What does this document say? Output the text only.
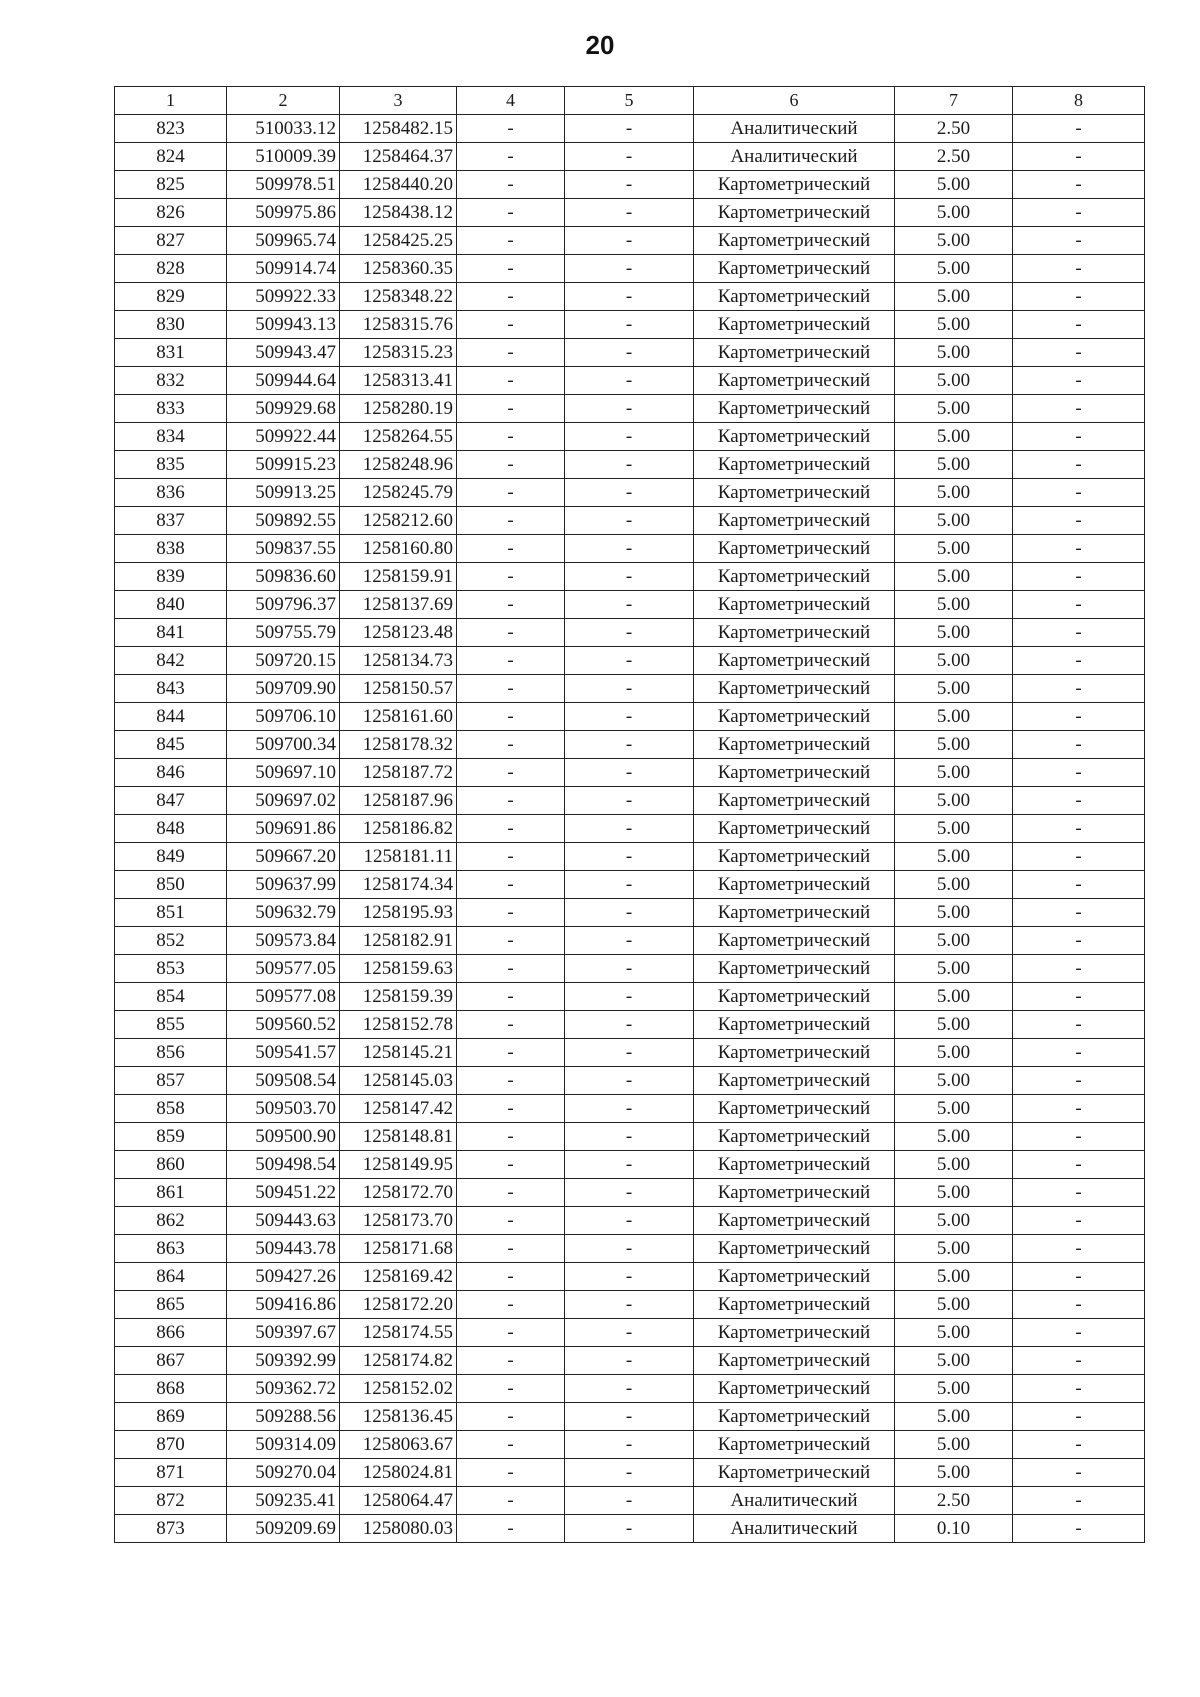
20
1	2	3	4	5	6	7	8
823	510033.12	1258482.15	-	-	Аналитический	2.50	-
824	510009.39	1258464.37	-	-	Аналитический	2.50	-
825	509978.51	1258440.20	-	-	Картометрический	5.00	-
826	509975.86	1258438.12	-	-	Картометрический	5.00	-
827	509965.74	1258425.25	-	-	Картометрический	5.00	-
828	509914.74	1258360.35	-	-	Картометрический	5.00	-
829	509922.33	1258348.22	-	-	Картометрический	5.00	-
830	509943.13	1258315.76	-	-	Картометрический	5.00	-
831	509943.47	1258315.23	-	-	Картометрический	5.00	-
832	509944.64	1258313.41	-	-	Картометрический	5.00	-
833	509929.68	1258280.19	-	-	Картометрический	5.00	-
834	509922.44	1258264.55	-	-	Картометрический	5.00	-
835	509915.23	1258248.96	-	-	Картометрический	5.00	-
836	509913.25	1258245.79	-	-	Картометрический	5.00	-
837	509892.55	1258212.60	-	-	Картометрический	5.00	-
838	509837.55	1258160.80	-	-	Картометрический	5.00	-
839	509836.60	1258159.91	-	-	Картометрический	5.00	-
840	509796.37	1258137.69	-	-	Картометрический	5.00	-
841	509755.79	1258123.48	-	-	Картометрический	5.00	-
842	509720.15	1258134.73	-	-	Картометрический	5.00	-
843	509709.90	1258150.57	-	-	Картометрический	5.00	-
844	509706.10	1258161.60	-	-	Картометрический	5.00	-
845	509700.34	1258178.32	-	-	Картометрический	5.00	-
846	509697.10	1258187.72	-	-	Картометрический	5.00	-
847	509697.02	1258187.96	-	-	Картометрический	5.00	-
848	509691.86	1258186.82	-	-	Картометрический	5.00	-
849	509667.20	1258181.11	-	-	Картометрический	5.00	-
850	509637.99	1258174.34	-	-	Картометрический	5.00	-
851	509632.79	1258195.93	-	-	Картометрический	5.00	-
852	509573.84	1258182.91	-	-	Картометрический	5.00	-
853	509577.05	1258159.63	-	-	Картометрический	5.00	-
854	509577.08	1258159.39	-	-	Картометрический	5.00	-
855	509560.52	1258152.78	-	-	Картометрический	5.00	-
856	509541.57	1258145.21	-	-	Картометрический	5.00	-
857	509508.54	1258145.03	-	-	Картометрический	5.00	-
858	509503.70	1258147.42	-	-	Картометрический	5.00	-
859	509500.90	1258148.81	-	-	Картометрический	5.00	-
860	509498.54	1258149.95	-	-	Картометрический	5.00	-
861	509451.22	1258172.70	-	-	Картометрический	5.00	-
862	509443.63	1258173.70	-	-	Картометрический	5.00	-
863	509443.78	1258171.68	-	-	Картометрический	5.00	-
864	509427.26	1258169.42	-	-	Картометрический	5.00	-
865	509416.86	1258172.20	-	-	Картометрический	5.00	-
866	509397.67	1258174.55	-	-	Картометрический	5.00	-
867	509392.99	1258174.82	-	-	Картометрический	5.00	-
868	509362.72	1258152.02	-	-	Картометрический	5.00	-
869	509288.56	1258136.45	-	-	Картометрический	5.00	-
870	509314.09	1258063.67	-	-	Картометрический	5.00	-
871	509270.04	1258024.81	-	-	Картометрический	5.00	-
872	509235.41	1258064.47	-	-	Аналитический	2.50	-
873	509209.69	1258080.03	-	-	Аналитический	0.10	-
